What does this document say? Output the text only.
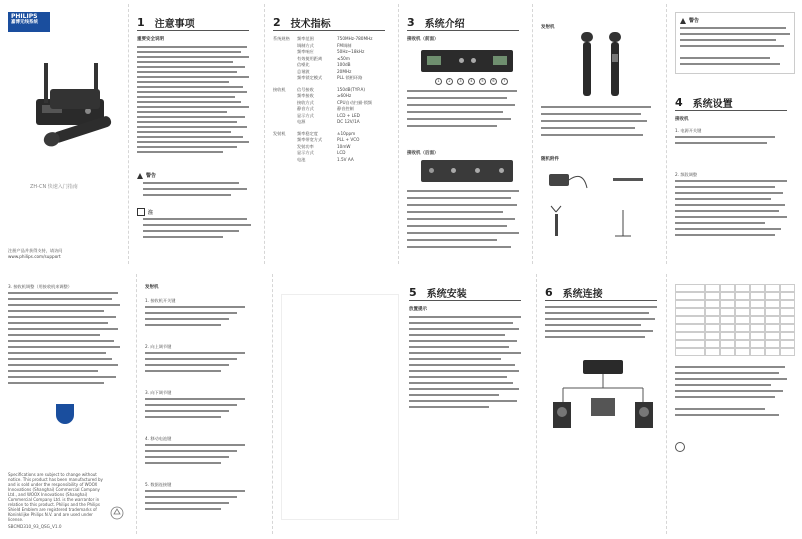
PHILIPS
嘉博无线系统
ZH-CN 快速入门指南
注册产品并获得支持，请访问
www.philips.com/support
1 注意事项
重要安全说明
警告
注
2 技术指标
系统规格	频率范围	750MHz-780MHz
调制方式	FM调制
频率响应	50Hz~18kHz
有效使用距离	≤50m
信噪比	100dB
总谐波	20MHz
频率锁定模式	PLL 锁相环路
接收机	信号接收	150dB(TYP.A)
频率接收	≥60Hz
接收方式	CPU自动扫描·锁频
静音方式	静音控制
显示方式	LCD + LED
电源	DC 12V/1A
发射机	频率稳定度	±10ppm
频率带宽方式	PLL + VCO
发射功率	10mW
显示方式	LCD
电池	1.5V AA
3 系统介绍
接收机（前面）
1	2	3	4	5	6	7
接收机（后面）
发射机
随机附件
警告
4 系统设置
接收机
1. 电源开关键
2. 频段调整
3. 接收机调整（用接收机来调整）
Specifications are subject to change without notice. This product has been manufactured by and is sold under the responsibility of WOOX Innovations (Shanghai) Commercial Company Ltd., and WOOX Innovations (Shanghai) Commercial Company Ltd. is the warrantor in relation to this product. Philips and the Philips Shield Emblem are registered trademarks of Koninklijke Philips N.V. and are used under license.
SBCMD310_93_QSG_V1.0
发射机
1. 接收机开关键
2. 向上调节键
3. 向下调节键
4. 移动电池键
5. 数据连接键
5 系统安装
放置提示
6 系统连接
